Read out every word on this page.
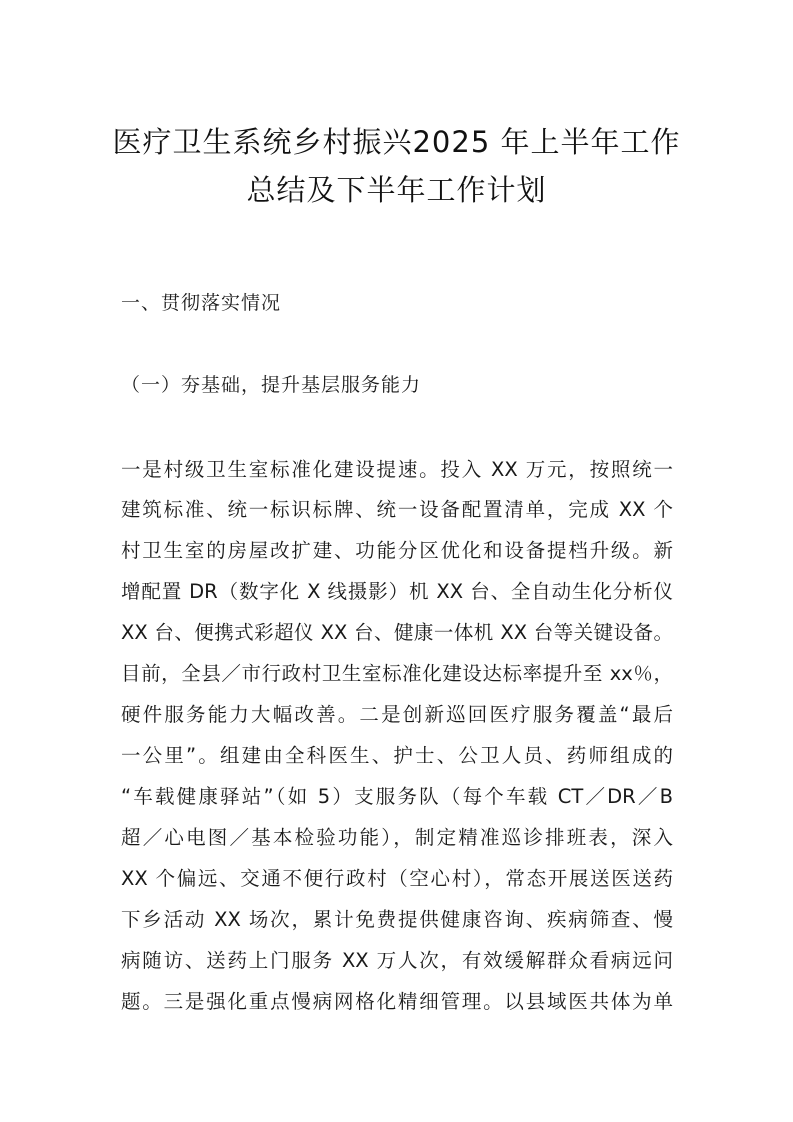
医疗卫生系统乡村振兴2025 年上半年工作
总结及下半年工作计划

一、贯彻落实情况

（一）夯基础，提升基层服务能力

一是村级卫生室标准化建设提速。投入 XX 万元，按照统一
建筑标准、统一标识标牌、统一设备配置清单，完成 XX 个
村卫生室的房屋改扩建、功能分区优化和设备提档升级。新
增配置 DR（数字化 X 线摄影）机 XX 台、全自动生化分析仪
XX 台、便携式彩超仪 XX 台、健康一体机 XX 台等关键设备。
目前，全县／市行政村卫生室标准化建设达标率提升至 xx％，
硬件服务能力大幅改善。二是创新巡回医疗服务覆盖“最后
一公里”。组建由全科医生、护士、公卫人员、药师组成的
“车载健康驿站”（如 5）支服务队（每个车载 CT／DR／B
超／心电图／基本检验功能），制定精准巡诊排班表，深入
XX 个偏远、交通不便行政村（空心村），常态开展送医送药
下乡活动 XX 场次，累计免费提供健康咨询、疾病筛查、慢
病随访、送药上门服务 XX 万人次，有效缓解群众看病远问
题。三是强化重点慢病网格化精细管理。以县域医共体为单
